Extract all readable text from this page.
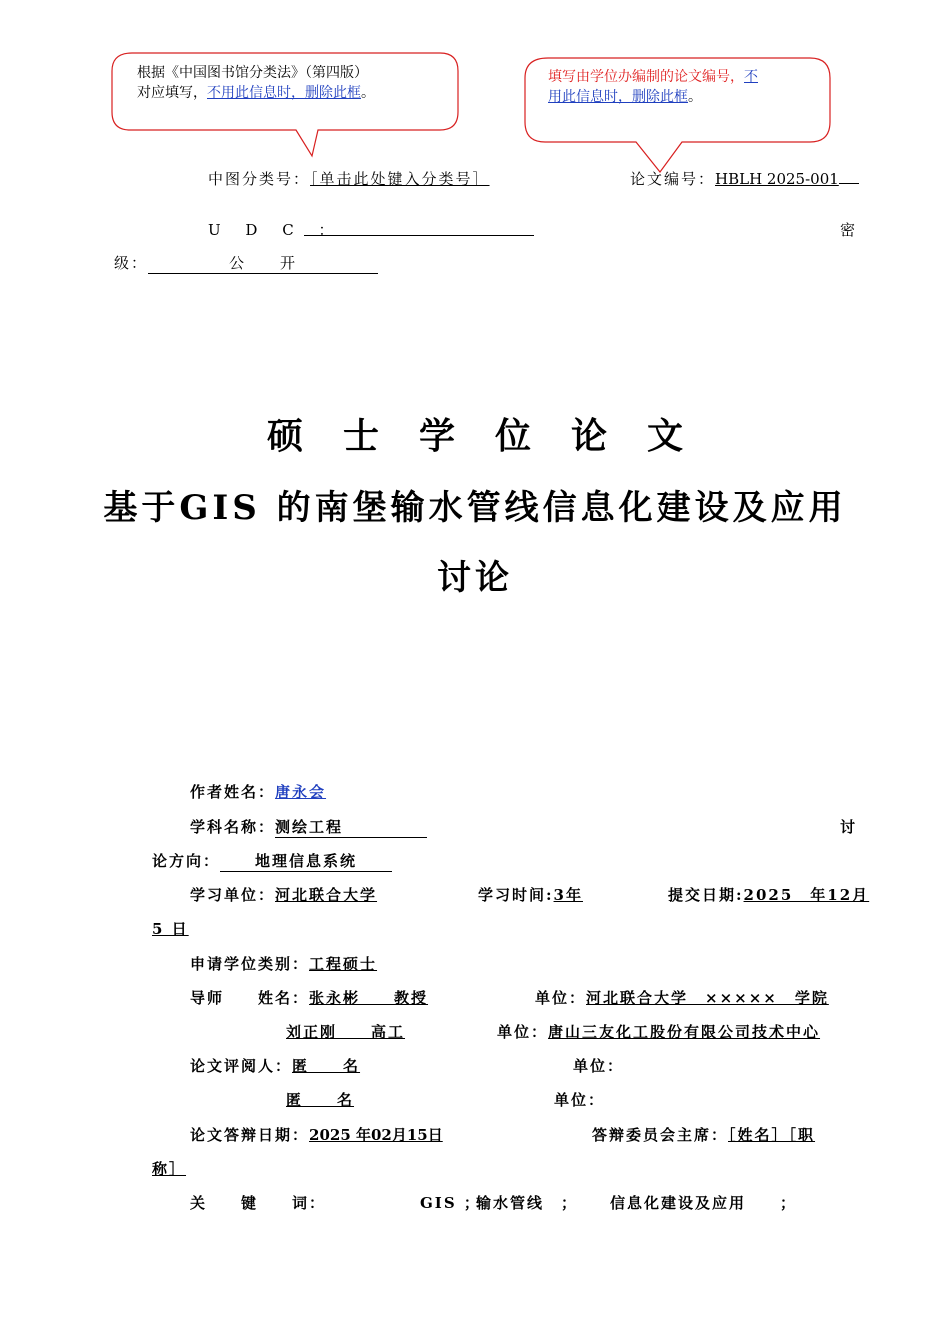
根据《中国图书馆分类法》（第四版）
对应填写，不用此信息时，删除此框。
填写由学位办编制的论文编号，不
用此信息时，删除此框。
中图分类号：［单击此处键入分类号］	论文编号：HBLH 2025-001
U D C ：	密
级：	公　　开
硕士学位论文
基于GIS 的南堡输水管线信息化建设及应用
讨论
作者姓名：唐永会
学科名称：测绘工程	讨
论方向： 地理信息系统
学习单位：河北联合大学	学习时间:3年	提交日期:2025　年12月
5 日
申请学位类别：工程硕士
导师　　姓名：张永彬　　教授	单位：河北联合大学　×××××　学院
刘正刚　　高工	单位：唐山三友化工股份有限公司技术中心
论文评阅人：匿　　名	单位：
匿　　名	单位：
论文答辩日期：2025 年02月15日	答辩委员会主席：［姓名］［职
称］
关　　键　　词：	GIS ；
输水管线　； 信息化建设及应用　　；
